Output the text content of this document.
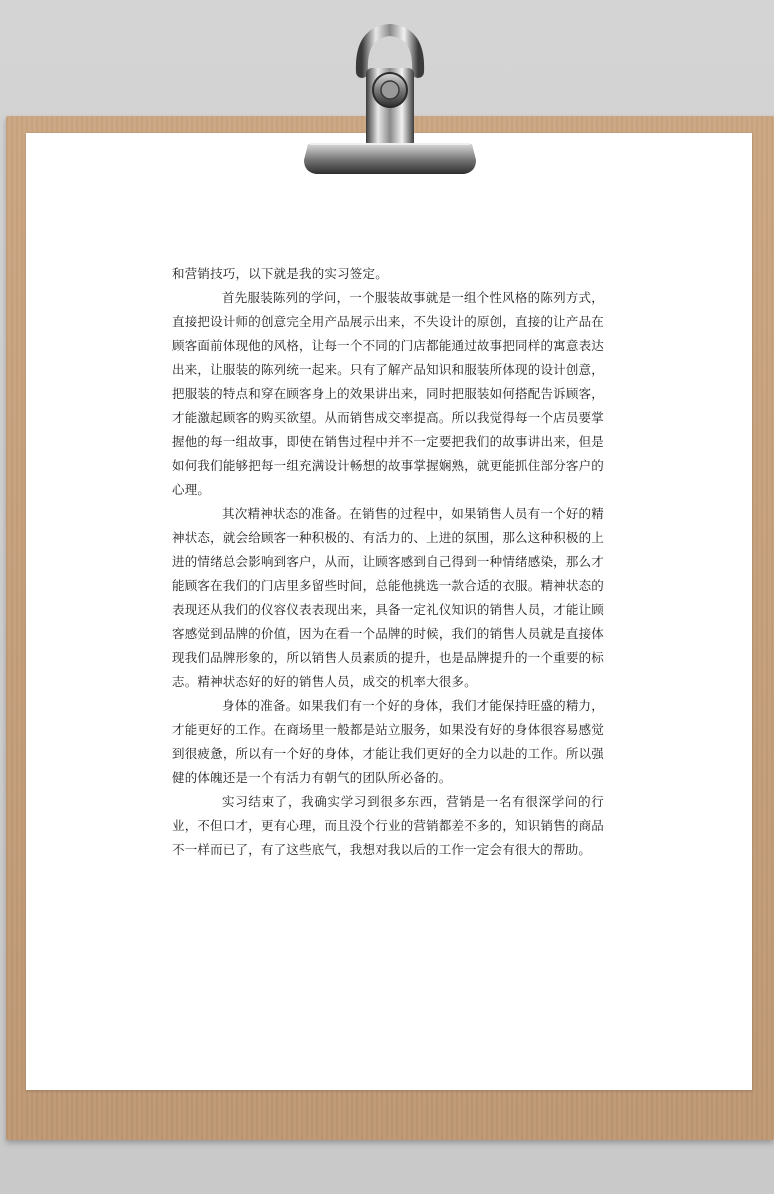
和营销技巧，以下就是我的实习签定。

首先服装陈列的学问，一个服装故事就是一组个性风格的陈列方式，直接把设计师的创意完全用产品展示出来，不失设计的原创，直接的让产品在顾客面前体现他的风格，让每一个不同的门店都能通过故事把同样的寓意表达出来，让服装的陈列统一起来。只有了解产品知识和服装所体现的设计创意，把服装的特点和穿在顾客身上的效果讲出来，同时把服装如何搭配告诉顾客，才能激起顾客的购买欲望。从而销售成交率提高。所以我觉得每一个店员要掌握他的每一组故事，即使在销售过程中并不一定要把我们的故事讲出来，但是如何我们能够把每一组充满设计畅想的故事掌握娴熟，就更能抓住部分客户的心理。

其次精神状态的准备。在销售的过程中，如果销售人员有一个好的精神状态，就会给顾客一种积极的、有活力的、上进的氛围，那么这种积极的上进的情绪总会影响到客户，从而，让顾客感到自己得到一种情绪感染，那么才能顾客在我们的门店里多留些时间，总能他挑选一款合适的衣服。精神状态的表现还从我们的仪容仪表表现出来，具备一定礼仪知识的销售人员，才能让顾客感觉到品牌的价值，因为在看一个品牌的时候，我们的销售人员就是直接体现我们品牌形象的，所以销售人员素质的提升，也是品牌提升的一个重要的标志。精神状态好的好的销售人员，成交的机率大很多。

身体的准备。如果我们有一个好的身体，我们才能保持旺盛的精力，才能更好的工作。在商场里一般都是站立服务，如果没有好的身体很容易感觉到很疲惫，所以有一个好的身体，才能让我们更好的全力以赴的工作。所以强健的体魄还是一个有活力有朝气的团队所必备的。

实习结束了，我确实学习到很多东西，营销是一名有很深学问的行业，不但口才，更有心理，而且没个行业的营销都差不多的，知识销售的商品不一样而已了，有了这些底气，我想对我以后的工作一定会有很大的帮助。
